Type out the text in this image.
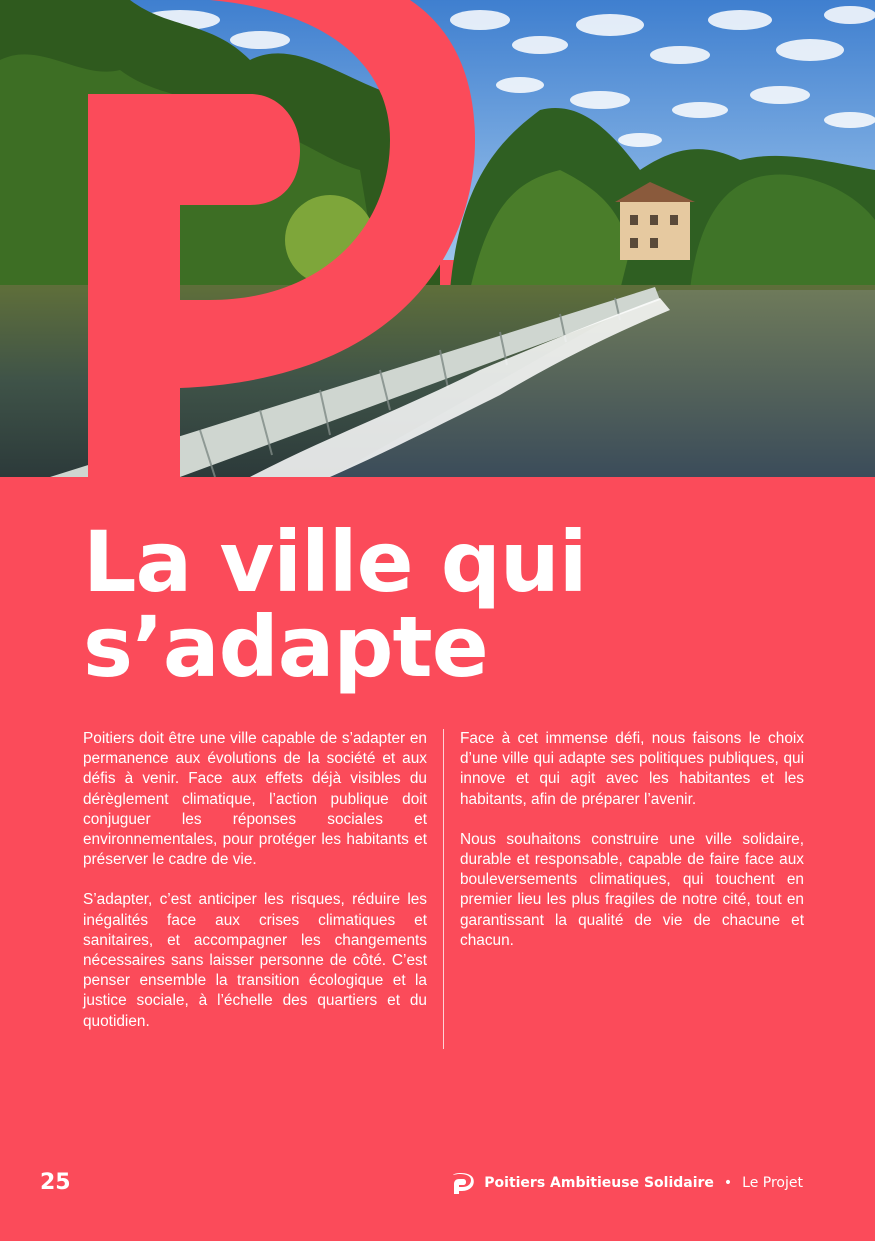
La ville qui
s’adapte

Poitiers doit être une ville capable de s’adapter en permanence aux évolutions de la société et aux défis à venir. Face aux effets déjà visibles du dérèglement climatique, l’action publique doit conjuguer les réponses sociales et environnementales, pour protéger les habitants et préserver le cadre de vie.

S’adapter, c’est anticiper les risques, réduire les inégalités face aux crises climatiques et sanitaires, et accompagner les changements nécessaires sans laisser personne de côté. C’est penser ensemble la transition écologique et la justice sociale, à l’échelle des quartiers et du quotidien.

Face à cet immense défi, nous faisons le choix d’une ville qui adapte ses politiques publiques, qui innove et qui agit avec les habitantes et les habitants, afin de préparer l’avenir.

Nous souhaitons construire une ville solidaire, durable et responsable, capable de faire face aux bouleversements climatiques, qui touchent en premier lieu les plus fragiles de notre cité, tout en garantissant la qualité de vie de chacune et chacun.

25	Poitiers Ambitieuse Solidaire • Le Projet
